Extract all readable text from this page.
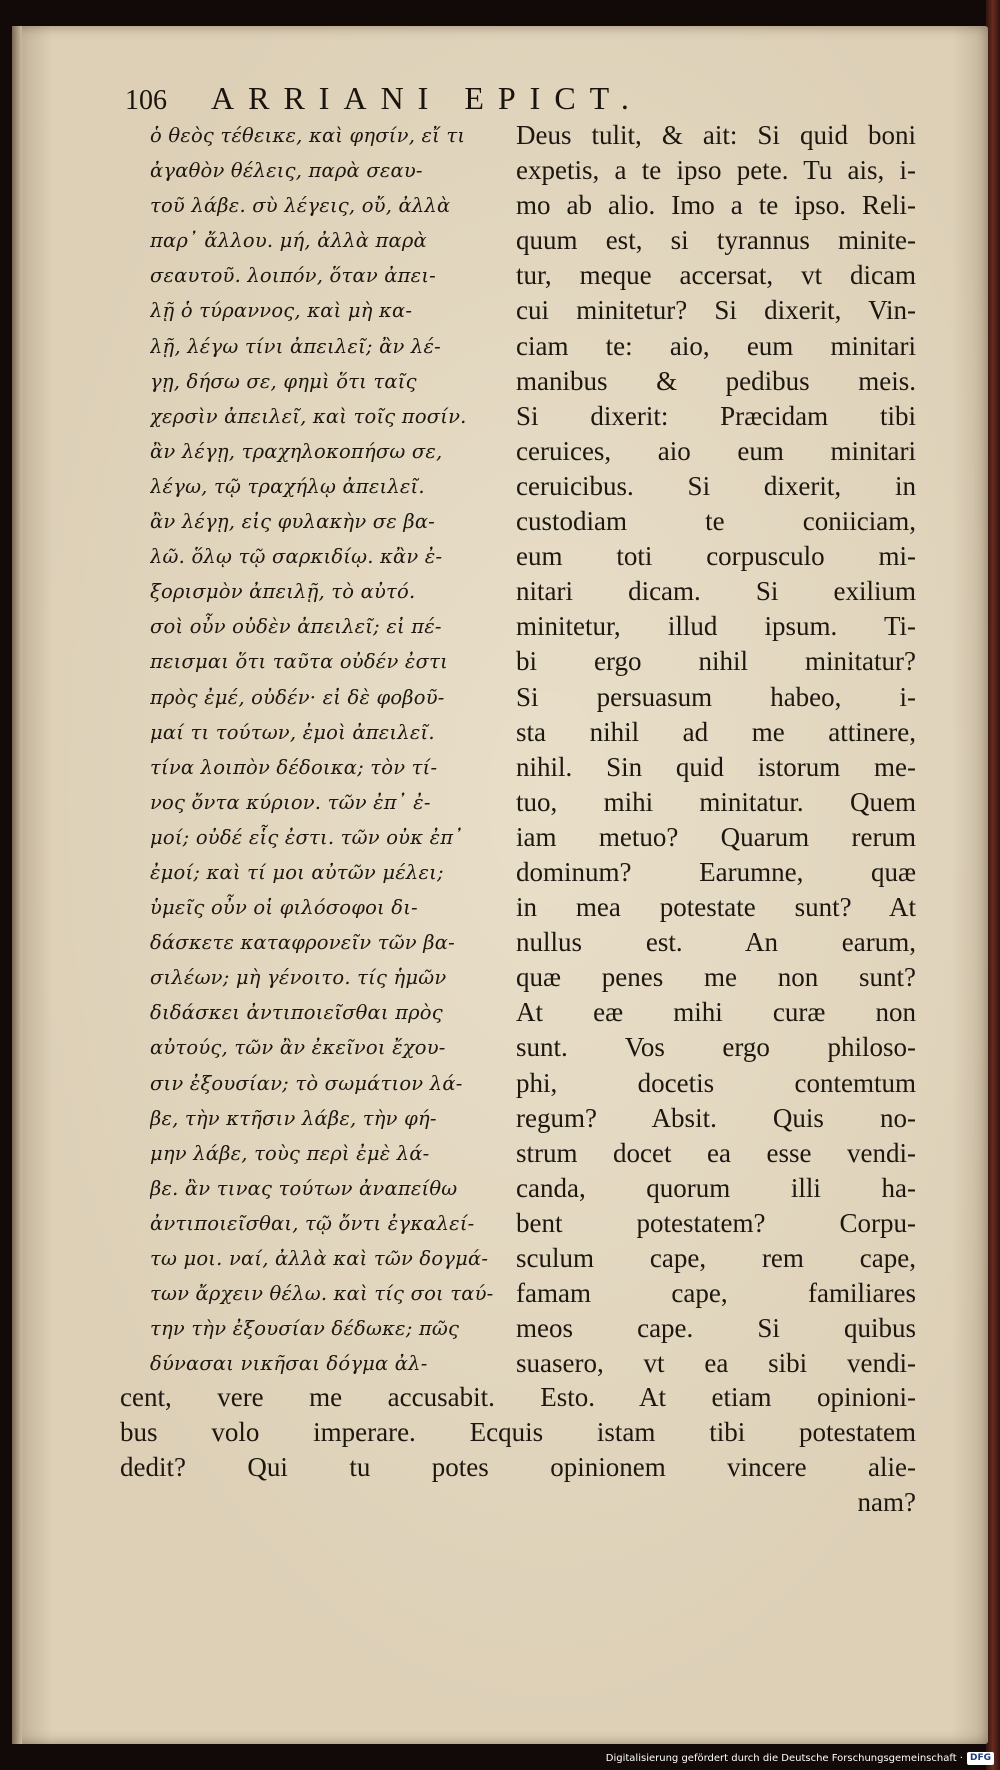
106 ARRIANI EPICT.
ὁ θεὸς τέθεικε, καὶ φησίν, εἴ τι
ἀγαθὸν θέλεις, παρὰ σεαυ-
τοῦ λάβε. σὺ λέγεις, οὔ, ἀλλὰ
παρ᾽ ἄλλου. μή, ἀλλὰ παρὰ
σεαυτοῦ. λοιπόν, ὅταν ἀπει-
λῇ ὁ τύραννος, καὶ μὴ κα-
λῇ, λέγω τίνι ἀπειλεῖ; ἂν λέ-
γῃ, δήσω σε, φημὶ ὅτι ταῖς
χερσὶν ἀπειλεῖ, καὶ τοῖς ποσίν.
ἂν λέγῃ, τραχηλοκοπήσω σε,
λέγω, τῷ τραχήλῳ ἀπειλεῖ.
ἂν λέγῃ, εἰς φυλακὴν σε βα-
λῶ. ὅλῳ τῷ σαρκιδίῳ. κἂν ἐ-
ξορισμὸν ἀπειλῇ, τὸ αὐτό.
σοὶ οὖν οὐδὲν ἀπειλεῖ; εἰ πέ-
πεισμαι ὅτι ταῦτα οὐδέν ἐστι
πρὸς ἐμέ, οὐδέν· εἰ δὲ φοβοῦ-
μαί τι τούτων, ἐμοὶ ἀπειλεῖ.
τίνα λοιπὸν δέδοικα; τὸν τί-
νος ὄντα κύριον. τῶν ἐπ᾽ ἐ-
μοί; οὐδέ εἷς ἐστι. τῶν οὐκ ἐπ᾽
ἐμοί; καὶ τί μοι αὐτῶν μέλει;
ὑμεῖς οὖν οἱ φιλόσοφοι δι-
δάσκετε καταφρονεῖν τῶν βα-
σιλέων; μὴ γένοιτο. τίς ἡμῶν
διδάσκει ἀντιποιεῖσθαι πρὸς
αὐτούς, τῶν ἂν ἐκεῖνοι ἔχου-
σιν ἐξουσίαν; τὸ σωμάτιον λά-
βε, τὴν κτῆσιν λάβε, τὴν φή-
μην λάβε, τοὺς περὶ ἐμὲ λά-
βε. ἂν τινας τούτων ἀναπείθω
ἀντιποιεῖσθαι, τῷ ὄντι ἐγκαλεί-
τω μοι. ναί, ἀλλὰ καὶ τῶν δογμά-
των ἄρχειν θέλω. καὶ τίς σοι ταύ-
την τὴν ἐξουσίαν δέδωκε; πῶς
δύνασαι νικῆσαι δόγμα ἀλ-
Deus tulit, & ait: Si quid boni
expetis, a te ipso pete. Tu ais, i-
mo ab alio. Imo a te ipso. Reli-
quum est, si tyrannus minite-
tur, meque accersat, vt dicam
cui minitetur? Si dixerit, Vin-
ciam te: aio, eum minitari
manibus & pedibus meis.
Si dixerit: Præcidam tibi
ceruices, aio eum minitari
ceruicibus. Si dixerit, in
custodiam te coniiciam,
eum toti corpusculo mi-
nitari dicam. Si exilium
minitetur, illud ipsum. Ti-
bi ergo nihil minitatur?
Si persuasum habeo, i-
sta nihil ad me attinere,
nihil. Sin quid istorum me-
tuo, mihi minitatur. Quem
iam metuo? Quarum rerum
dominum? Earumne, quæ
in mea potestate sunt? At
nullus est. An earum,
quæ penes me non sunt?
At eæ mihi curæ non
sunt. Vos ergo philoso-
phi, docetis contemtum
regum? Absit. Quis no-
strum docet ea esse vendi-
canda, quorum illi ha-
bent potestatem? Corpu-
sculum cape, rem cape,
famam cape, familiares
meos cape. Si quibus
suasero, vt ea sibi vendi-
cent, vere me accusabit. Esto. At etiam opinioni-
bus volo imperare. Ecquis istam tibi potestatem
dedit? Qui tu potes opinionem vincere alie-
nam?
Digitalisierung gefördert durch die Deutsche Forschungsgemeinschaft · DFG
